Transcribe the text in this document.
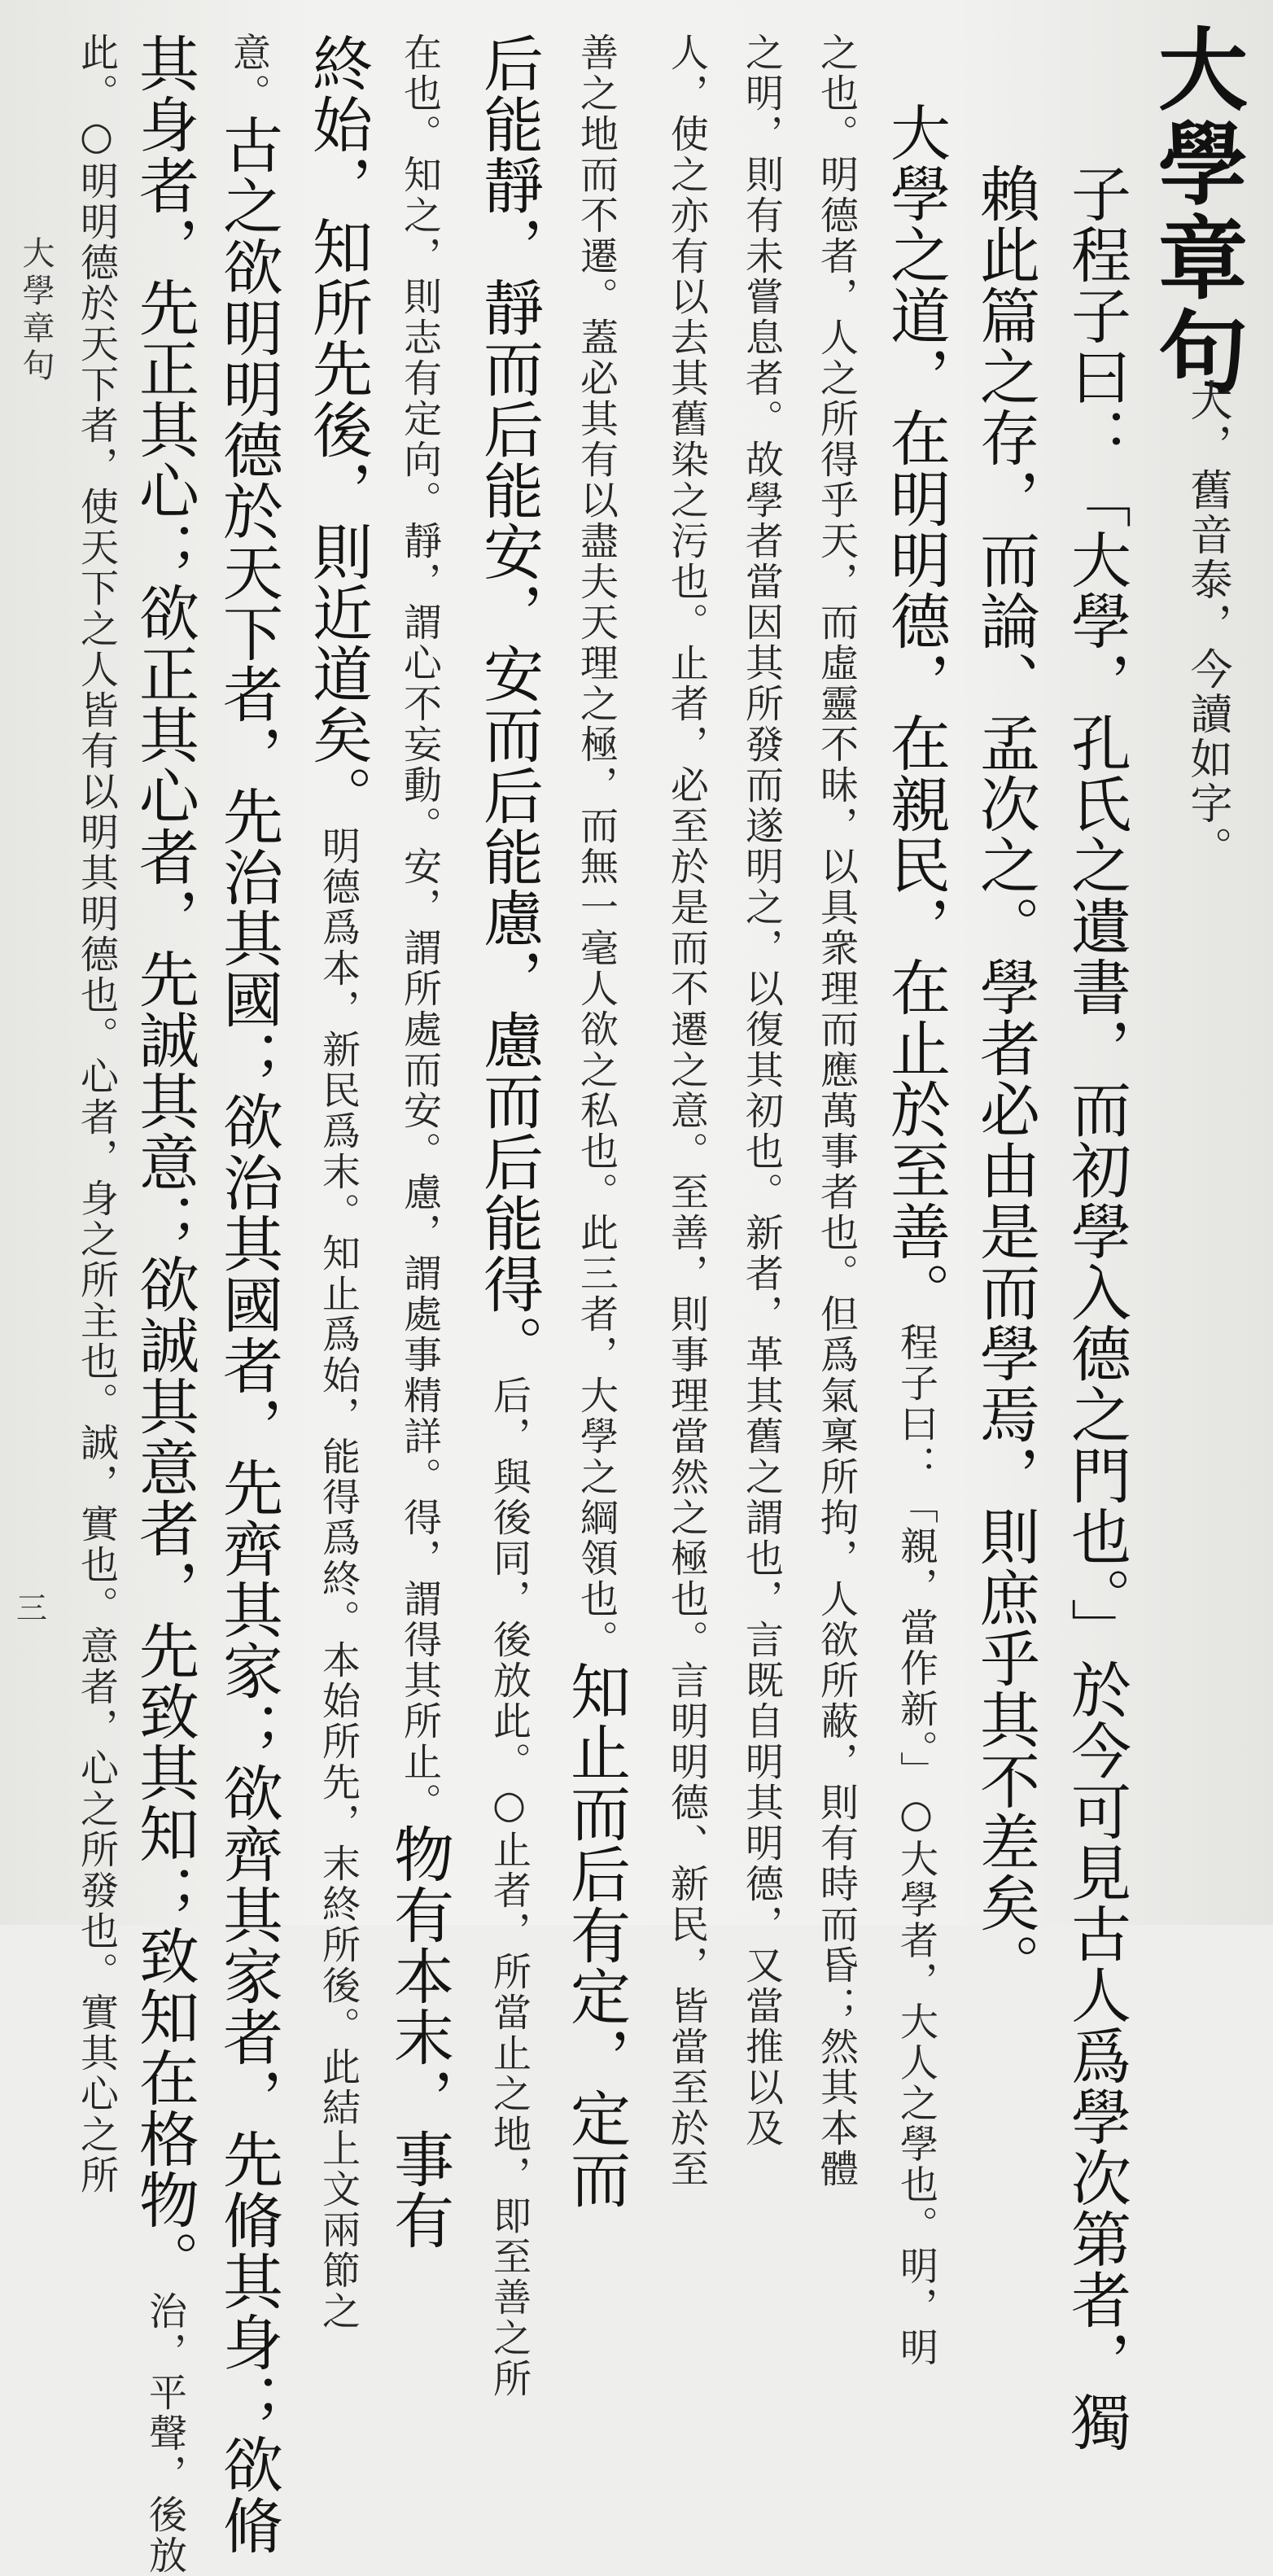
大學章句
大，舊音泰，今讀如字。
子程子曰：「大學，孔氏之遺書，而初學入德之門也。」於今可見古人爲學次第者，獨
賴此篇之存，而論、孟次之。學者必由是而學焉，則庶乎其不差矣。
大學之道，在明明德，在親民，在止於至善。程子曰：「親，當作新。」○大學者，大人之學也。明，明
之也。明德者，人之所得乎天，而虛靈不昧，以具衆理而應萬事者也。但爲氣稟所拘，人欲所蔽，則有時而昏；然其本體
之明，則有未嘗息者。故學者當因其所發而遂明之，以復其初也。新者，革其舊之謂也，言既自明其明德，又當推以及
人，使之亦有以去其舊染之污也。止者，必至於是而不遷之意。至善，則事理當然之極也。言明明德、新民，皆當至於至
善之地而不遷。蓋必其有以盡夫天理之極，而無一毫人欲之私也。此三者，大學之綱領也。知止而后有定，定而
后能靜，靜而后能安，安而后能慮，慮而后能得。后，與後同，後放此。○止者，所當止之地，即至善之所
在也。知之，則志有定向。靜，謂心不妄動。安，謂所處而安。慮，謂處事精詳。得，謂得其所止。物有本末，事有
終始，知所先後，則近道矣。明德爲本，新民爲末。知止爲始，能得爲終。本始所先，末終所後。此結上文兩節之
意。古之欲明明德於天下者，先治其國；欲治其國者，先齊其家；欲齊其家者，先脩其身；欲脩
其身者，先正其心；欲正其心者，先誠其意；欲誠其意者，先致其知；致知在格物。治，平聲，後放
此。○明明德於天下者，使天下之人皆有以明其明德也。心者，身之所主也。誠，實也。意者，心之所發也。實其心之所
大學章句
三
